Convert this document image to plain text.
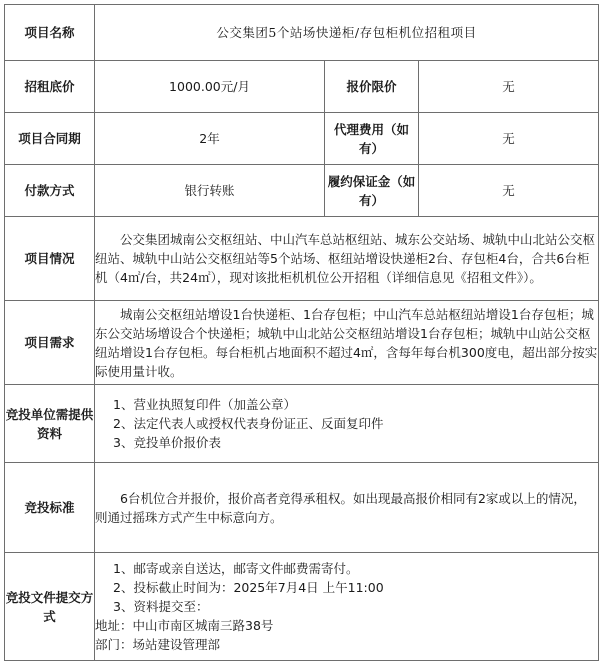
项目名称	公交集团5个站场快递柜/存包柜机位招租项目		
招租底价	1000.00元/月	报价限价	无
项目合同期	2年	代理费用（如有）	无
付款方式	银行转账	履约保证金（如有）	无
项目情况	公交集团城南公交枢纽站、中山汽车总站枢纽站、城东公交站场、城轨中山北站公交枢纽站、城轨中山站公交枢纽站等5个站场、枢纽站增设快递柜2台、存包柜4台，合共6台柜机（4㎡/台，共24㎡），现对该批柜机机位公开招租（详细信息见《招租文件》）。		

项目需求	城南公交枢纽站增设1台快递柜、1台存包柜；中山汽车总站枢纽站增设1台存包柜；城东公交站场增设合个快递柜；城轨中山北站公交枢纽站增设1台存包柜；城轨中山站公交枢纽站增设1台存包柜。每台柜机占地面积不超过4㎡，含每年每台机300度电，超出部分按实际使用量计收。		

竞投单位需提供资料	1、营业执照复印件（加盖公章）
2、法定代表人或授权代表身份证正、反面复印件
3、竞投单价报价表		

竞投标准	6台机位合并报价，报价高者竞得承租权。如出现最高报价相同有2家或以上的情况，则通过摇珠方式产生中标意向方。		

竞投文件提交方式	1、邮寄或亲自送达，邮寄文件邮费需寄付。
2、投标截止时间为：2025年7月4日 上午11:00
3、资料提交至：
地址：中山市南区城南三路38号
部门：场站建设管理部		
